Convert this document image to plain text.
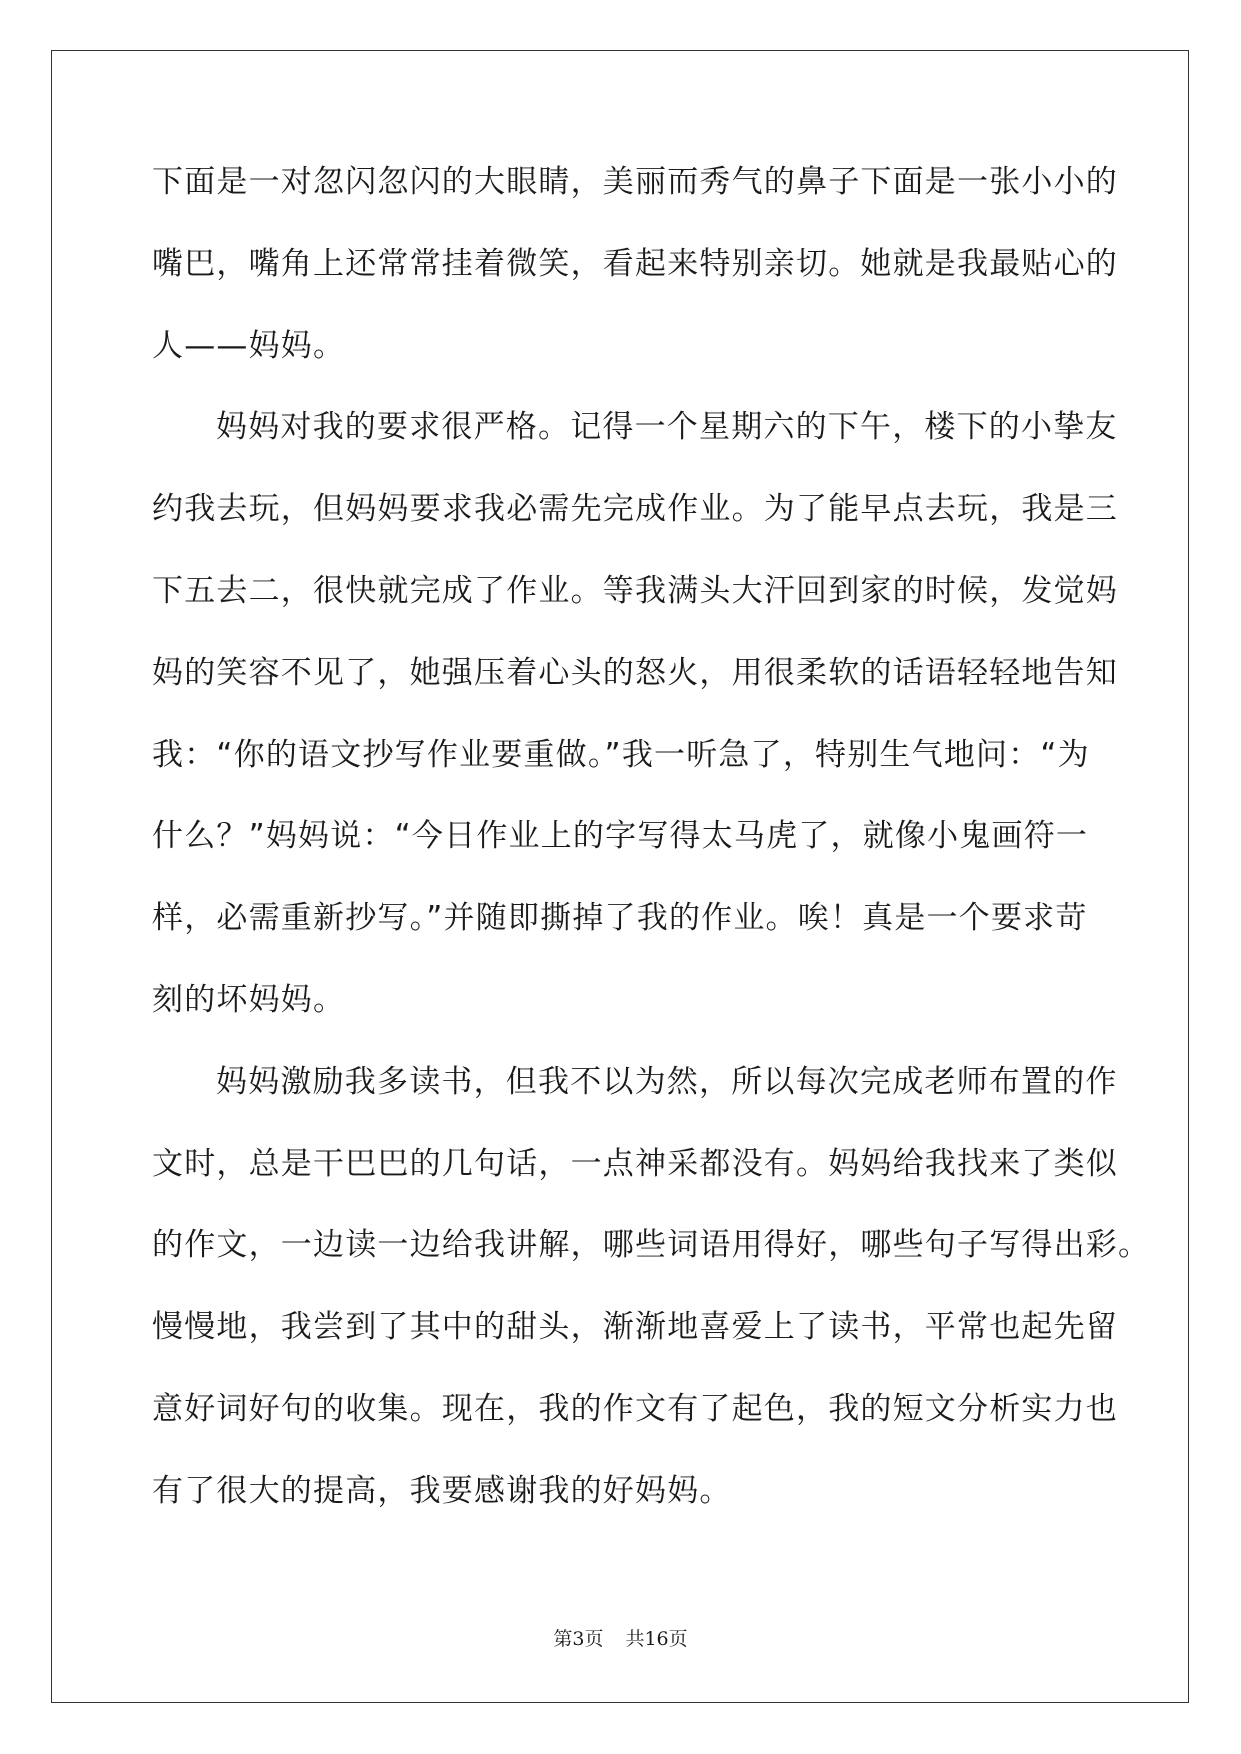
下面是一对忽闪忽闪的大眼睛，美丽而秀气的鼻子下面是一张小小的
嘴巴，嘴角上还常常挂着微笑，看起来特别亲切。她就是我最贴心的
人——妈妈。
妈妈对我的要求很严格。记得一个星期六的下午，楼下的小挚友
约我去玩，但妈妈要求我必需先完成作业。为了能早点去玩，我是三
下五去二，很快就完成了作业。等我满头大汗回到家的时候，发觉妈
妈的笑容不见了，她强压着心头的怒火，用很柔软的话语轻轻地告知
我：“你的语文抄写作业要重做。”我一听急了，特别生气地问：“为
什么？”妈妈说：“今日作业上的字写得太马虎了，就像小鬼画符一
样，必需重新抄写。”并随即撕掉了我的作业。唉！真是一个要求苛
刻的坏妈妈。
妈妈激励我多读书，但我不以为然，所以每次完成老师布置的作
文时，总是干巴巴的几句话，一点神采都没有。妈妈给我找来了类似
的作文，一边读一边给我讲解，哪些词语用得好，哪些句子写得出彩。
慢慢地，我尝到了其中的甜头，渐渐地喜爱上了读书，平常也起先留
意好词好句的收集。现在，我的作文有了起色，我的短文分析实力也
有了很大的提高，我要感谢我的好妈妈。
第3页 共16页
